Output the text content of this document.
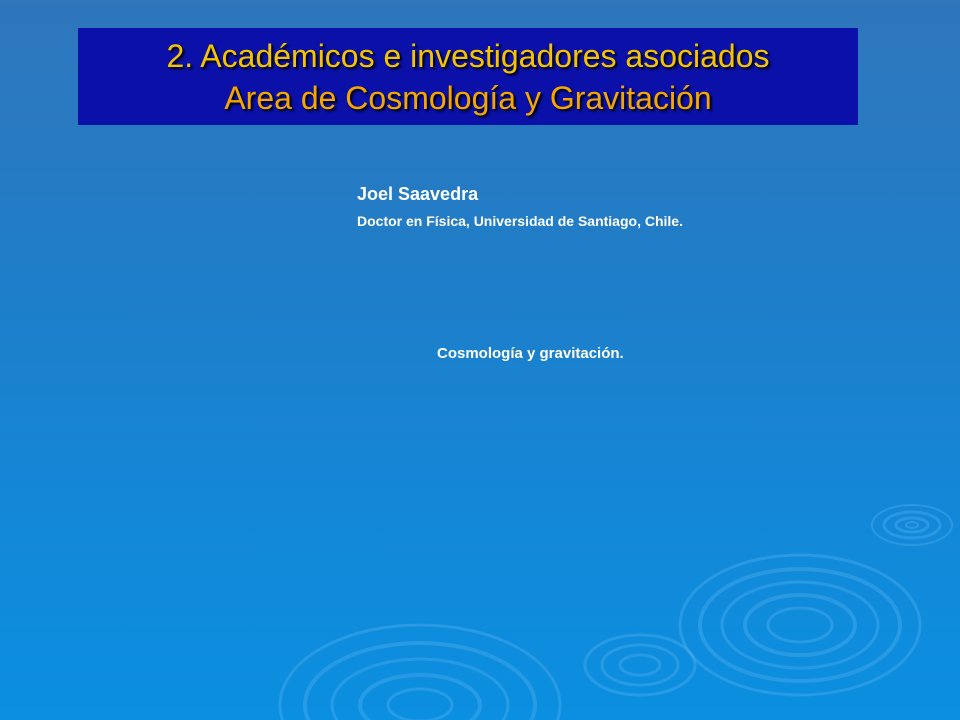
2. Académicos e investigadores asociados
Area de Cosmología y Gravitación
Joel Saavedra
Doctor en Física, Universidad de Santiago, Chile.
Cosmología y gravitación.
